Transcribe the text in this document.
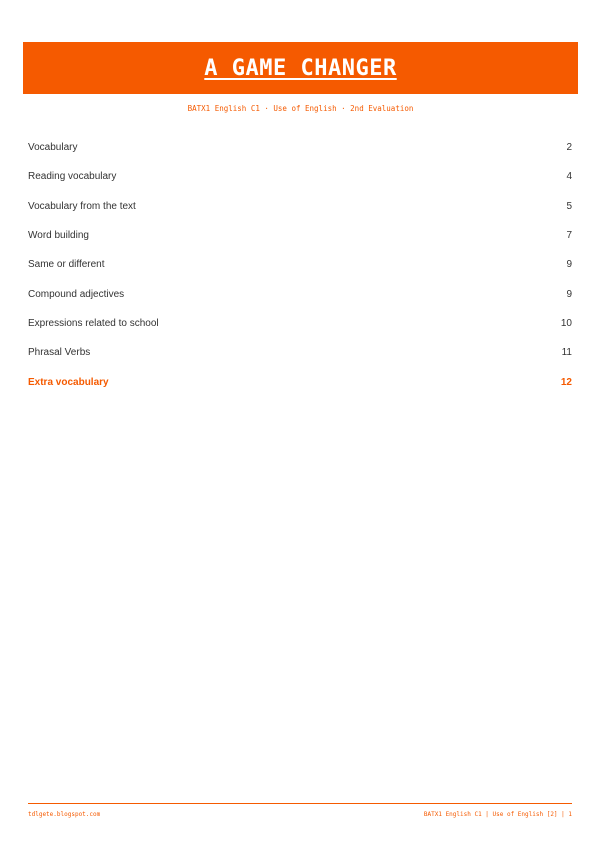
A GAME CHANGER
BATX1 English C1 · Use of English · 2nd Evaluation
Vocabulary	2
Reading vocabulary	4
Vocabulary from the text	5
Word building	7
Same or different	9
Compound adjectives	9
Expressions related to school	10
Phrasal Verbs	11
Extra vocabulary	12
tdlgete.blogspot.com	BATX1 English C1 | Use of English [2] | 1
